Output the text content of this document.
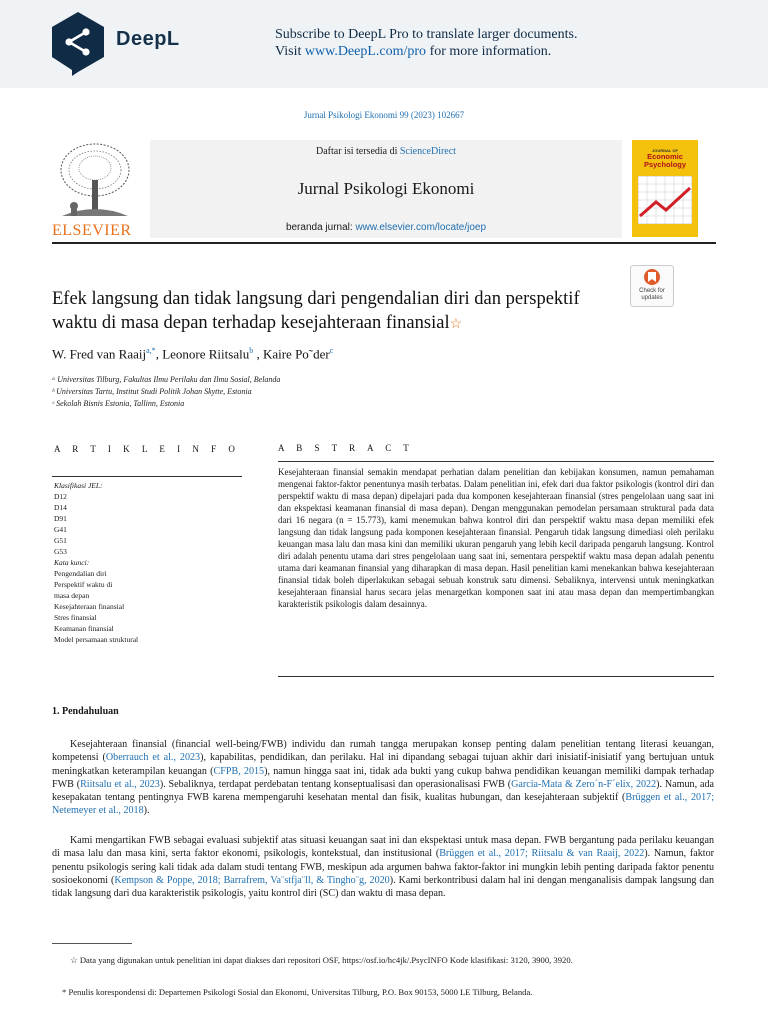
DeepL	Subscribe to DeepL Pro to translate larger documents.
Visit www.DeepL.com/pro for more information.
Jurnal Psikologi Ekonomi 99 (2023) 102667
ELSEVIER
Daftar isi tersedia di ScienceDirect
Jurnal Psikologi Ekonomi
beranda jurnal: www.elsevier.com/locate/joep
JOURNAL OF
Economic
Psychology
Check for
updates
Efek langsung dan tidak langsung dari pengendalian diri dan perspektif waktu di masa depan terhadap kesejahteraan finansial☆
W. Fred van Raaij$^{a,*}$, Leonore Riitsalu$^b$ , Kaire Po˜der$^c$
ᵃ Universitas Tilburg, Fakultas Ilmu Perilaku dan Ilmu Sosial, Belanda
ᵇ Universitas Tartu, Institut Studi Politik Johan Skytte, Estonia
ᶜ Sekolah Bisnis Estonia, Tallinn, Estonia
A R T I K L E I N F O
Klasifikasi JEL:
D12
D14
D91
G41
G51
G53
Kata kunci:
Pengendalian diri
Perspektif waktu di
masa depan
Kesejahteraan finansial
Stres finansial
Keamanan finansial
Model persamaan struktural
A B S T R A C T
Kesejahteraan finansial semakin mendapat perhatian dalam penelitian dan kebijakan konsumen, namun pemahaman mengenai faktor-faktor penentunya masih terbatas. Dalam penelitian ini, efek dari dua faktor psikologis (kontrol diri dan perspektif waktu di masa depan) dipelajari pada dua komponen kesejahteraan finansial (stres pengelolaan uang saat ini dan ekspektasi keamanan finansial di masa depan). Dengan menggunakan pemodelan persamaan struktural pada data dari 16 negara (n = 15.773), kami menemukan bahwa kontrol diri dan perspektif waktu masa depan memiliki efek langsung dan tidak langsung pada komponen kesejahteraan finansial. Pengaruh tidak langsung dimediasi oleh perilaku keuangan masa lalu dan masa kini dan memiliki ukuran pengaruh yang lebih kecil daripada pengaruh langsung. Kontrol diri adalah penentu utama dari stres pengelolaan uang saat ini, sementara perspektif waktu masa depan adalah penentu utama dari keamanan finansial yang diharapkan di masa depan. Hasil penelitian kami menekankan bahwa kesejahteraan finansial tidak boleh diperlakukan sebagai sebuah konstruk satu dimensi. Sebaliknya, intervensi untuk meningkatkan kesejahteraan finansial harus secara jelas menargetkan komponen saat ini atau masa depan dan mempertimbangkan karakteristik psikologis dalam desainnya.
1. Pendahuluan
Kesejahteraan finansial (financial well-being/FWB) individu dan rumah tangga merupakan konsep penting dalam penelitian tentang literasi keuangan, kompetensi (Oberrauch et al., 2023), kapabilitas, pendidikan, dan perilaku. Hal ini dipandang sebagai tujuan akhir dari inisiatif-inisiatif yang bertujuan untuk meningkatkan keterampilan keuangan (CFPB, 2015), namun hingga saat ini, tidak ada bukti yang cukup bahwa pendidikan keuangan memiliki dampak terhadap FWB (Riitsalu et al., 2023). Sebaliknya, terdapat perdebatan tentang konseptualisasi dan operasionalisasi FWB (Garcia-Mata & Zero´n-F´elix, 2022). Namun, ada kesepakatan tentang pentingnya FWB karena mempengaruhi kesehatan mental dan fisik, kualitas hubungan, dan kesejahteraan subjektif (Brüggen et al., 2017; Netemeyer et al., 2018).
Kami mengartikan FWB sebagai evaluasi subjektif atas situasi keuangan saat ini dan ekspektasi untuk masa depan. FWB bergantung pada perilaku keuangan di masa lalu dan masa kini, serta faktor ekonomi, psikologis, kontekstual, dan institusional (Brüggen et al., 2017; Riitsalu & van Raaij, 2022). Namun, faktor penentu psikologis sering kali tidak ada dalam studi tentang FWB, meskipun ada argumen bahwa faktor-faktor ini mungkin lebih penting daripada faktor penentu sosioekonomi (Kempson & Poppe, 2018; Barrafrem, Va¨stfja¨ll, & Tingho¨g, 2020). Kami berkontribusi dalam hal ini dengan menganalisis dampak langsung dan tidak langsung dari dua karakteristik psikologis, yaitu kontrol diri (SC) dan waktu di masa depan.
☆ Data yang digunakan untuk penelitian ini dapat diakses dari repositori OSF, https://osf.io/hc4jk/.PsycINFO Kode klasifikasi: 3120, 3900, 3920.
* Penulis korespondensi di: Departemen Psikologi Sosial dan Ekonomi, Universitas Tilburg, P.O. Box 90153, 5000 LE Tilburg, Belanda.
